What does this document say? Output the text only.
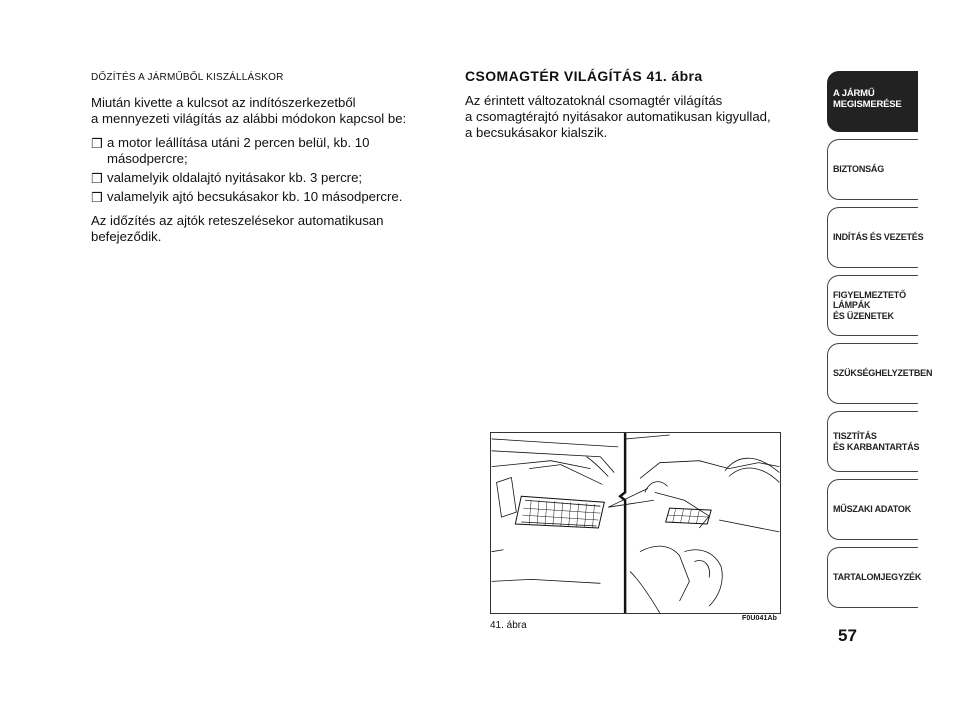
DŐZÍTÉS A JÁRMŰBŐL KISZÁLLÁSKOR

Miután kivette a kulcsot az indítószerkezetből
a mennyezeti világítás az alábbi módokon kapcsol be:

❒ a motor leállítása utáni 2 percen belül, kb. 10 másodpercre;
❒ valamelyik oldalajtó nyitásakor kb. 3 percre;
❒ valamelyik ajtó becsukásakor kb. 10 másodpercre.

Az időzítés az ajtók reteszelésekor automatikusan befejeződik.

CSOMAGTÉR VILÁGÍTÁS 41. ábra
Az érintett változatoknál csomagtér világítás
a csomagtérajtó nyitásakor automatikusan kigyullad,
a becsukásakor kialszik.
41. ábra
F0U041Ab
A JÁRMŰ
MEGISMERÉSE
BIZTONSÁG
INDÍTÁS ÉS VEZETÉS
FIGYELMEZTETŐ
LÁMPÁK
ÉS ÜZENETEK
SZÜKSÉGHELYZETBEN
TISZTÍTÁS
ÉS KARBANTARTÁS
MŰSZAKI ADATOK
TARTALOMJEGYZÉK
57
